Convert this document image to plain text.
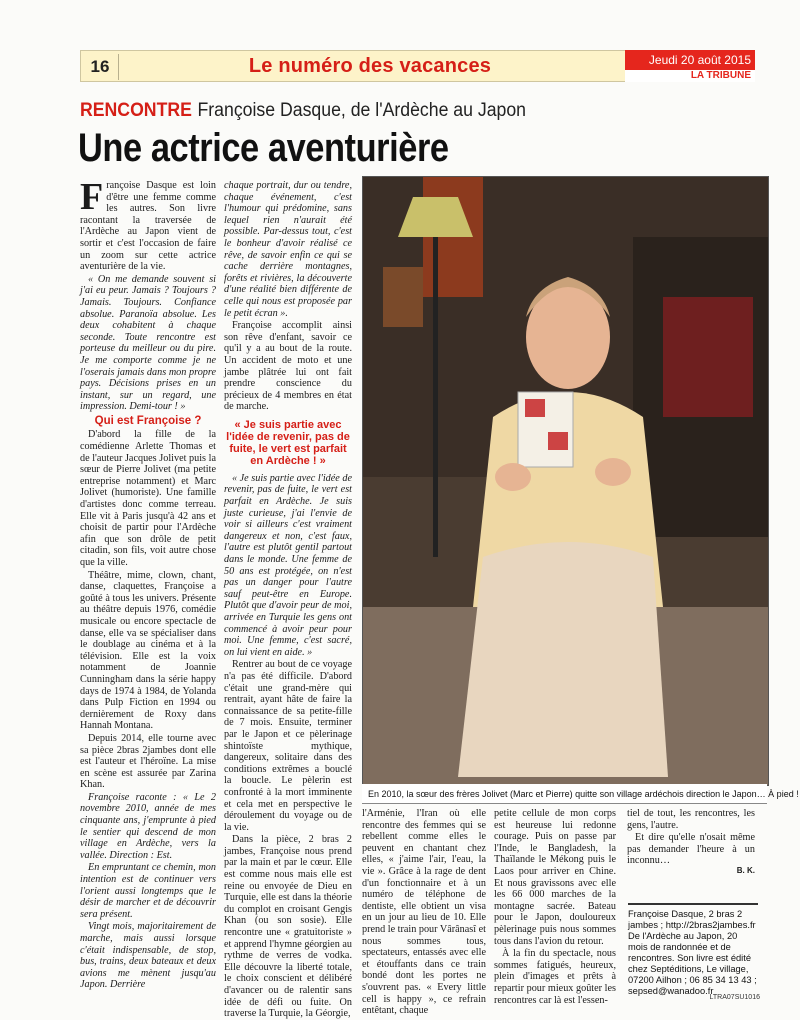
16	Le numéro des vacances	Jeudi 20 août 2015
LA TRIBUNE
RENCONTRE Françoise Dasque, de l'Ardèche au Japon
Une actrice aventurière

Françoise Dasque est loin d'être une femme comme les autres. Son livre racontant la traversée de l'Ardèche au Japon vient de sortir et c'est l'occasion de faire un zoom sur cette actrice aventurière de la vie.

« On me demande souvent si j'ai eu peur. Jamais ? Toujours ? Jamais. Toujours. Confiance absolue. Paranoïa absolue. Les deux cohabitent à chaque seconde. Toute rencontre est porteuse du meilleur ou du pire. Je me comporte comme je ne l'oserais jamais dans mon propre pays. Décisions prises en un instant, sur un regard, une impression. Demi-tour ! »

Qui est Françoise ?

D'abord la fille de la comédienne Arlette Thomas et de l'auteur Jacques Jolivet puis la sœur de Pierre Jolivet (ma petite entreprise notamment) et Marc Jolivet (humoriste). Une famille d'artistes donc comme terreau. Elle vit à Paris jusqu'à 42 ans et choisit de partir pour l'Ardèche afin que son drôle de petit citadin, son fils, voit autre chose que la ville.

Théâtre, mime, clown, chant, danse, claquettes, Françoise a goûté à tous les univers. Présente au théâtre depuis 1976, comédie musicale ou encore spectacle de danse, elle va se spécialiser dans le doublage au cinéma et à la télévision. Elle est la voix notamment de Joannie Cunningham dans la série happy days de 1974 à 1984, de Yolanda dans Pulp Fiction en 1994 ou dernièrement de Roxy dans Hannah Montana.

Depuis 2014, elle tourne avec sa pièce 2bras 2jambes dont elle est l'auteur et l'héroïne. La mise en scène est assurée par Zarina Khan.

Françoise raconte : « Le 2 novembre 2010, année de mes cinquante ans, j'emprunte à pied le sentier qui descend de mon village en Ardèche, vers la vallée. Direction : Est.

En empruntant ce chemin, mon intention est de continuer vers l'orient aussi longtemps que le désir de marcher et de découvrir sera présent.

Vingt mois, majoritairement de marche, mais aussi lorsque c'était indispensable, de stop, bus, trains, deux bateaux et deux avions me mènent jusqu'au Japon. Derrière

chaque portrait, dur ou tendre, chaque événement, c'est l'humour qui prédomine, sans lequel rien n'aurait été possible. Par-dessus tout, c'est le bonheur d'avoir réalisé ce rêve, de savoir enfin ce qui se cache derrière montagnes, forêts et rivières, la découverte d'une réalité bien différente de celle qui nous est proposée par le petit écran ».

Françoise accomplit ainsi son rêve d'enfant, savoir ce qu'il y a au bout de la route. Un accident de moto et une jambe plâtrée lui ont fait prendre conscience du précieux de 4 membres en état de marche.

« Je suis partie avec l'idée de revenir, pas de fuite, le vert est parfait en Ardèche ! »

« Je suis partie avec l'idée de revenir, pas de fuite, le vert est parfait en Ardèche. Je suis juste curieuse, j'ai l'envie de voir si ailleurs c'est vraiment dangereux et non, c'est faux, l'autre est plutôt gentil partout dans le monde. Une femme de 50 ans est protégée, on n'est pas un danger pour l'autre sauf peut-être en Europe. Plutôt que d'avoir peur de moi, arrivée en Turquie les gens ont commencé à avoir peur pour moi. Une femme, c'est sacré, on lui vient en aide. »

Rentrer au bout de ce voyage n'a pas été difficile. D'abord c'était une grand-mère qui rentrait, ayant hâte de faire la connaissance de sa petite-fille de 7 mois. Ensuite, terminer par le Japon et ce pèlerinage shintoïste mythique, dangereux, solitaire dans des conditions extrêmes a bouclé la boucle. Le pèlerin est confronté à la mort imminente et cela met en perspective le déroulement du voyage ou de la vie.

Dans la pièce, 2 bras 2 jambes, Françoise nous prend par la main et par le cœur. Elle est comme nous mais elle est reine ou envoyée de Dieu en Turquie, elle est dans la théorie du complot en croisant Gengis Khan (ou son sosie). Elle rencontre une « gratuitoriste » et apprend l'hymne géorgien au rythme de verres de vodka. Elle découvre la liberté totale, le choix conscient et délibéré d'avancer ou de ralentir sans idée de défi ou fuite. On traverse la Turquie, la Géorgie,

En 2010, la sœur des frères Jolivet (Marc et Pierre) quitte son village ardéchois direction le Japon… À pied !

l'Arménie, l'Iran où elle rencontre des femmes qui se rebellent comme elles le peuvent en chantant chez elles, « j'aime l'air, l'eau, la vie ». Grâce à la rage de dent d'un fonctionnaire et à un numéro de téléphone de dentiste, elle obtient un visa en un jour au lieu de 10. Elle prend le train pour Vârânasî et nous sommes tous, spectateurs, entassés avec elle et étouffants dans ce train bondé dont les portes ne s'ouvrent pas. « Every little cell is happy », ce refrain entêtant, chaque

petite cellule de mon corps est heureuse lui redonne courage. Puis on passe par l'Inde, le Bangladesh, la Thaïlande le Mékong puis le Laos pour arriver en Chine. Et nous gravissons avec elle les 66 000 marches de la montagne sacrée. Bateau pour le Japon, douloureux pèlerinage puis nous sommes tous dans l'avion du retour.

À la fin du spectacle, nous sommes fatigués, heureux, plein d'images et prêts à repartir pour mieux goûter les rencontres car là est l'essen-

tiel de tout, les rencontres, les gens, l'autre.

Et dire qu'elle n'osait même pas demander l'heure à un inconnu…

B. K.
Françoise Dasque, 2 bras 2 jambes ; http://2bras2jambes.fr De l'Ardèche au Japon, 20 mois de randonnée et de rencontres. Son livre est édité chez Septéditions, Le village, 07200 Ailhon ; 06 85 34 13 43 ; sepsed@wanadoo.fr
LTRA07SU1016
